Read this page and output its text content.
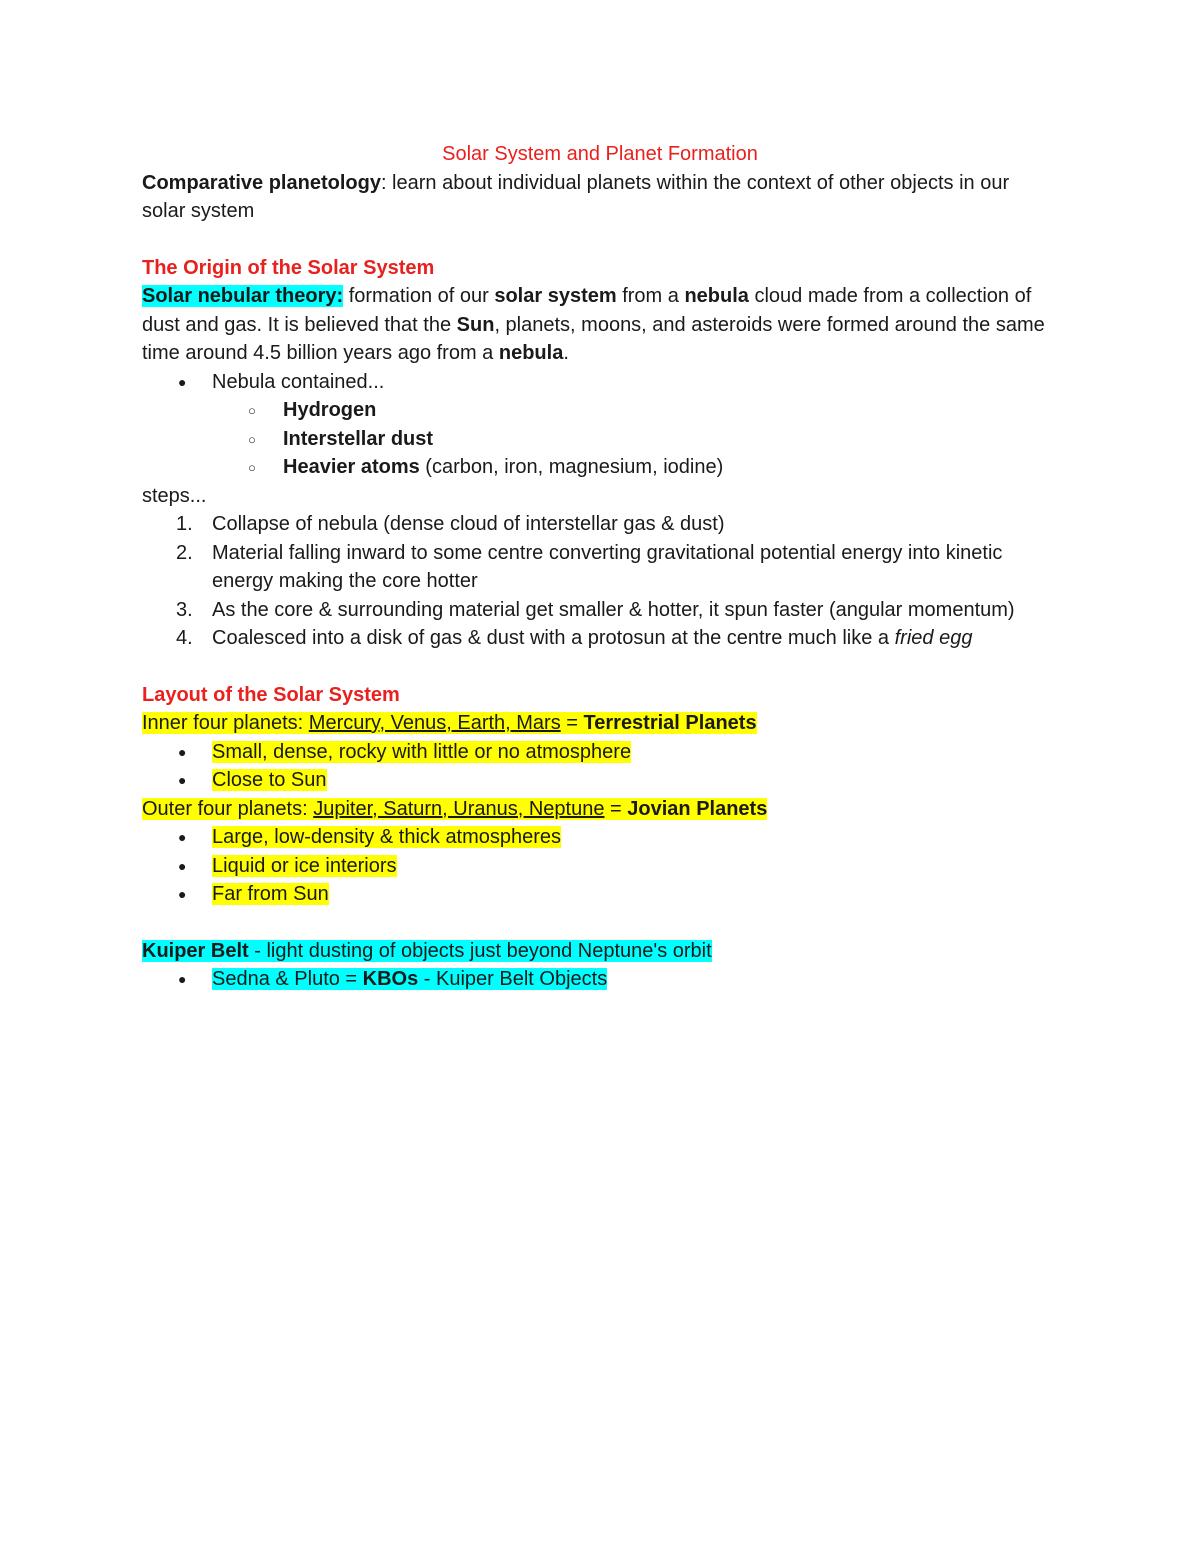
Solar System and Planet Formation
Comparative planetology: learn about individual planets within the context of other objects in our solar system
The Origin of the Solar System
Solar nebular theory: formation of our solar system from a nebula cloud made from a collection of dust and gas. It is believed that the Sun, planets, moons, and asteroids were formed around the same time around 4.5 billion years ago from a nebula.
● Nebula contained...
○ Hydrogen
○ Interstellar dust
○ Heavier atoms (carbon, iron, magnesium, iodine)
steps...
1. Collapse of nebula (dense cloud of interstellar gas & dust)
2. Material falling inward to some centre converting gravitational potential energy into kinetic energy making the core hotter
3. As the core & surrounding material get smaller & hotter, it spun faster (angular momentum)
4. Coalesced into a disk of gas & dust with a protosun at the centre much like a fried egg
Layout of the Solar System
Inner four planets: Mercury, Venus, Earth, Mars = Terrestrial Planets
● Small, dense, rocky with little or no atmosphere
● Close to Sun
Outer four planets: Jupiter, Saturn, Uranus, Neptune = Jovian Planets
● Large, low-density & thick atmospheres
● Liquid or ice interiors
● Far from Sun
Kuiper Belt - light dusting of objects just beyond Neptune's orbit
● Sedna & Pluto = KBOs - Kuiper Belt Objects
